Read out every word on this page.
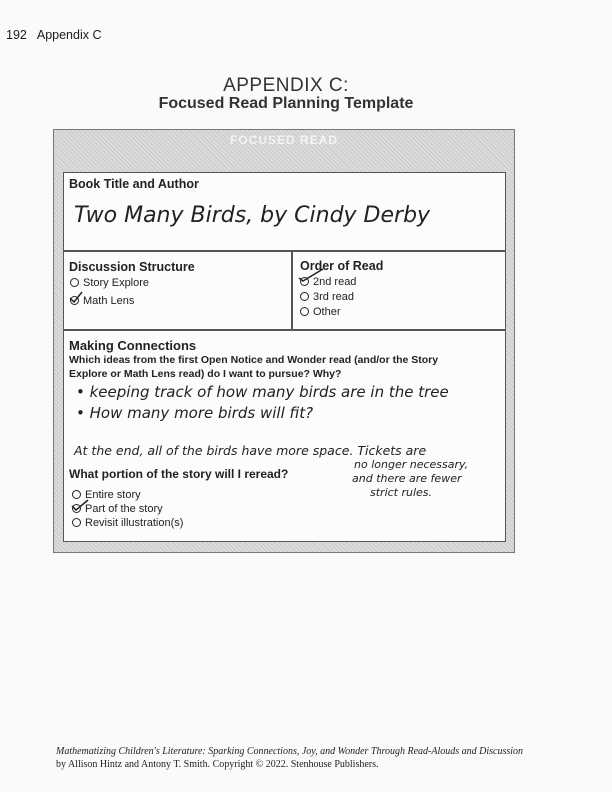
192 Appendix C
APPENDIX C:
Focused Read Planning Template
FOCUSED READ
Book Title and Author
Two Many Birds, by Cindy Derby
Discussion Structure
Story Explore
Math Lens
Order of Read
2nd read
3rd read
Other
Making Connections
Which ideas from the first Open Notice and Wonder read (and/or the Story
Explore or Math Lens read) do I want to pursue? Why?
• keeping track of how many birds are in the tree
• How many more birds will fit?
At the end, all of the birds have more space. Tickets are
What portion of the story will I reread?
no longer necessary,
and there are fewer
strict rules.
Entire story
Part of the story
Revisit illustration(s)
Mathematizing Children's Literature: Sparking Connections, Joy, and Wonder Through Read-Alouds and Discussion
by Allison Hintz and Antony T. Smith. Copyright © 2022. Stenhouse Publishers.
